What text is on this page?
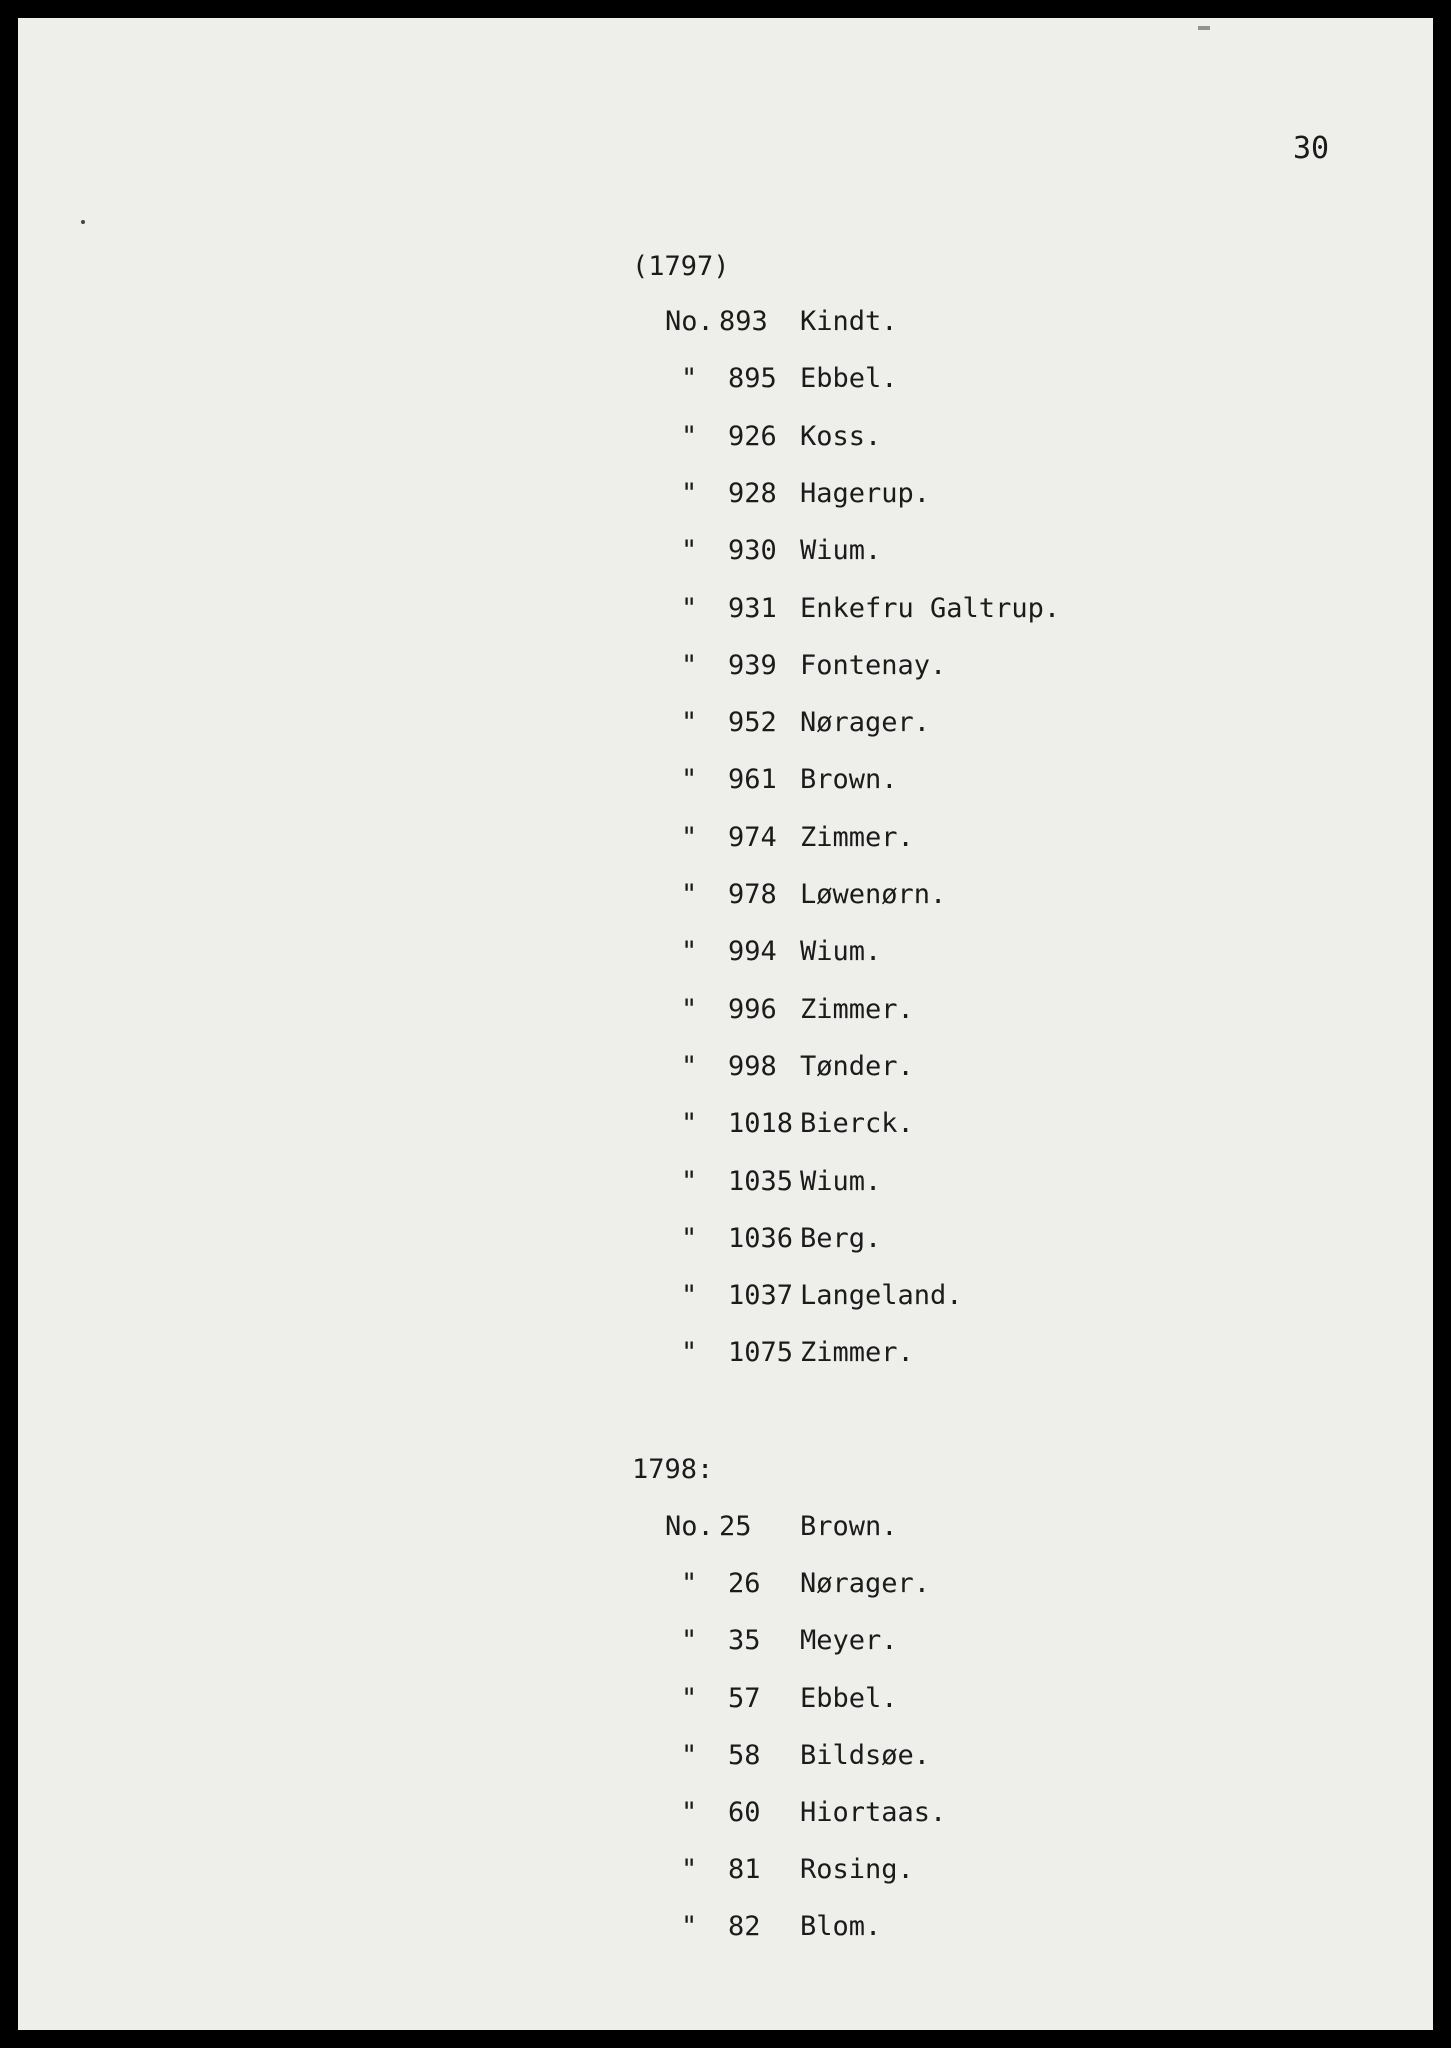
30
(1797)
1798:
No. 893 Kindt.
"	895 Ebbel.
"	926 Koss.
"	928 Hagerup.
"	930 Wium.
"	931 Enkefru Galtrup.
"	939 Fontenay.
"	952 Nørager.
"	961 Brown.
"	974 Zimmer.
"	978 Løwenørn.
"	994 Wium.
"	996 Zimmer.
"	998 Tønder.
"	1018 Bierck.
"	1035 Wium.
"	1036 Berg.
"	1037 Langeland.
"	1075 Zimmer.
No. 25 Brown.
"	26 Nørager.
"	35 Meyer.
"	57 Ebbel.
"	58 Bildsøe.
"	60 Hiortaas.
"	81 Rosing.
"	82 Blom.
